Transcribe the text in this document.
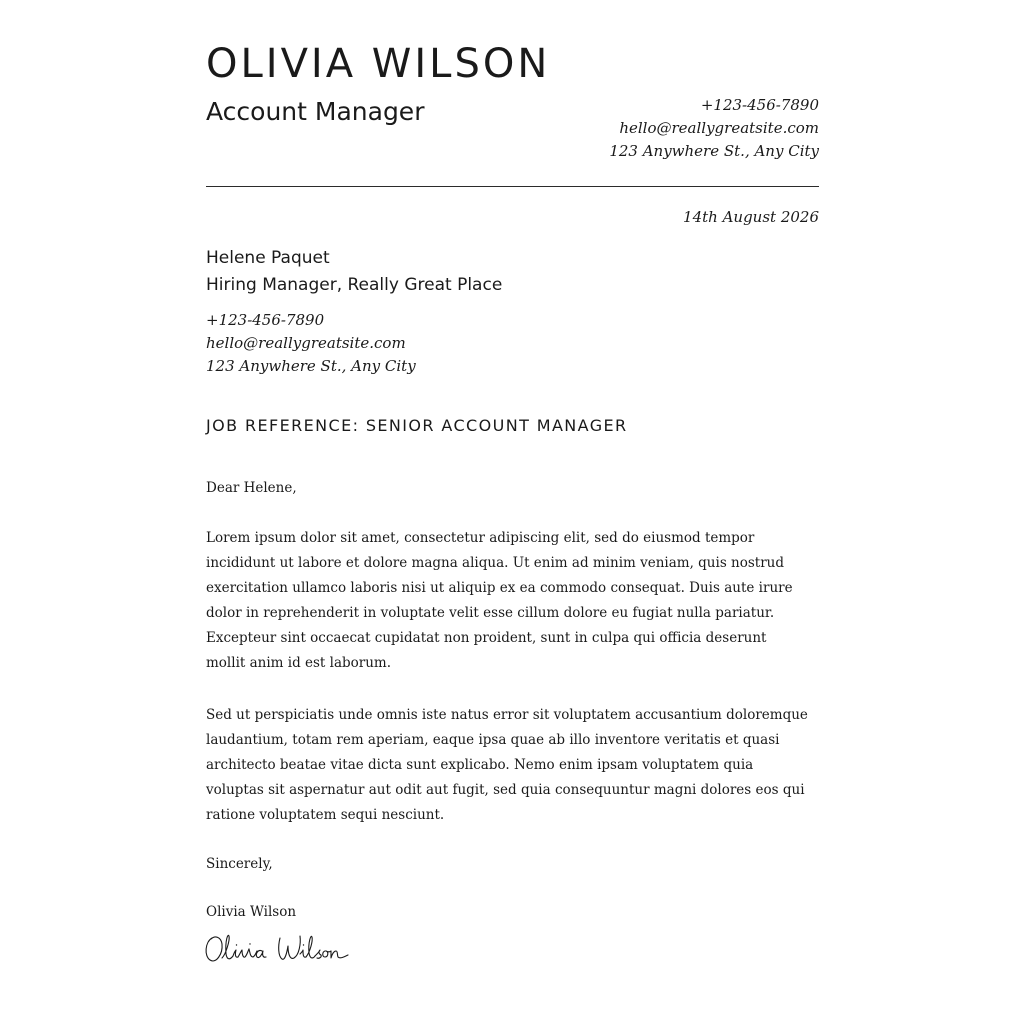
OLIVIA WILSON
Account Manager	+123-456-7890
hello@reallygreatsite.com
123 Anywhere St., Any City
14th August 2026
Helene Paquet
Hiring Manager, Really Great Place
+123-456-7890
hello@reallygreatsite.com
123 Anywhere St., Any City
JOB REFERENCE: SENIOR ACCOUNT MANAGER
Dear Helene,
Lorem ipsum dolor sit amet, consectetur adipiscing elit, sed do eiusmod tempor
incididunt ut labore et dolore magna aliqua. Ut enim ad minim veniam, quis nostrud
exercitation ullamco laboris nisi ut aliquip ex ea commodo consequat. Duis aute irure
dolor in reprehenderit in voluptate velit esse cillum dolore eu fugiat nulla pariatur.
Excepteur sint occaecat cupidatat non proident, sunt in culpa qui officia deserunt
mollit anim id est laborum.
Sed ut perspiciatis unde omnis iste natus error sit voluptatem accusantium doloremque
laudantium, totam rem aperiam, eaque ipsa quae ab illo inventore veritatis et quasi
architecto beatae vitae dicta sunt explicabo. Nemo enim ipsam voluptatem quia
voluptas sit aspernatur aut odit aut fugit, sed quia consequuntur magni dolores eos qui
ratione voluptatem sequi nesciunt.
Sincerely,
Olivia Wilson
